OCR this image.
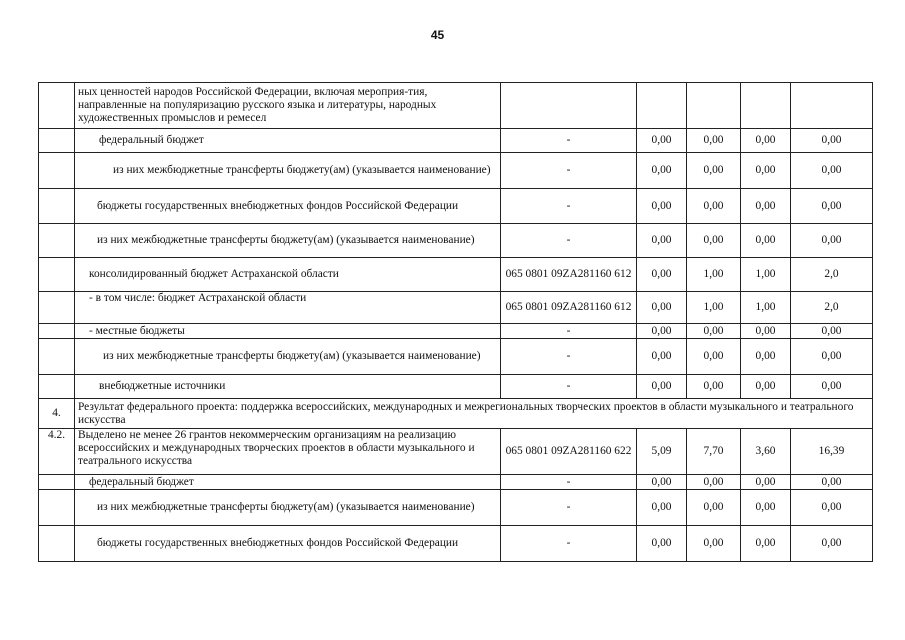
45
	ных ценностей народов Российской Федерации, включая мероприя-тия, направленные на популяризацию русского языка и литературы, народных художественных промыслов и ремесел					
	федеральный бюджет	-	0,00	0,00	0,00	0,00
	из них межбюджетные трансферты бюджету(ам) (указывается наименование)	-	0,00	0,00	0,00	0,00
	бюджеты государственных внебюджетных фондов Российской Федерации	-	0,00	0,00	0,00	0,00
	из них межбюджетные трансферты бюджету(ам) (указывается наименование)	-	0,00	0,00	0,00	0,00
	консолидированный бюджет Астраханской области	065 0801 09ZA281160 612	0,00	1,00	1,00	2,0
	- в том числе: бюджет Астраханской области	065 0801 09ZA281160 612	0,00	1,00	1,00	2,0
	- местные бюджеты	-	0,00	0,00	0,00	0,00
	из них межбюджетные трансферты бюджету(ам) (указывается наименование)	-	0,00	0,00	0,00	0,00
	внебюджетные источники	-	0,00	0,00	0,00	0,00
4.	Результат федерального проекта: поддержка всероссийских, международных и межрегиональных творческих проектов в области музыкального и театрального искусства					
4.2.	Выделено не менее 26 грантов некоммерческим организациям на реализацию всероссийских и международных творческих проектов в области музыкального и театрального искусства	065 0801 09ZA281160 622	5,09	7,70	3,60	16,39
	федеральный бюджет	-	0,00	0,00	0,00	0,00
	из них межбюджетные трансферты бюджету(ам) (указывается наименование)	-	0,00	0,00	0,00	0,00
	бюджеты государственных внебюджетных фондов Российской Федерации	-	0,00	0,00	0,00	0,00
